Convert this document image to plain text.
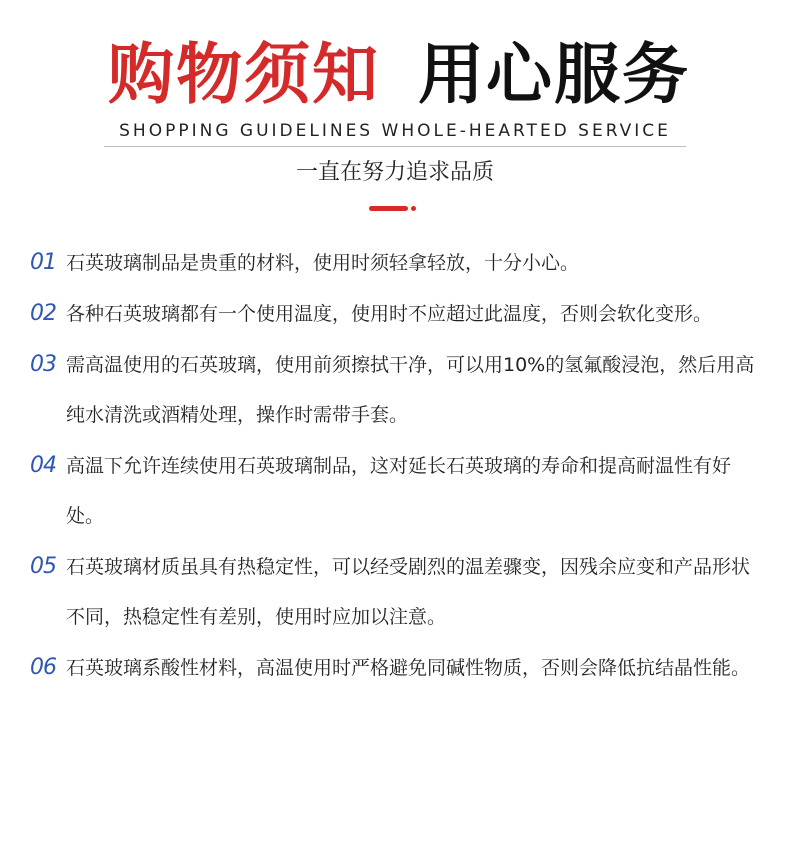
购物须知 用心服务
SHOPPING GUIDELINES WHOLE-HEARTED SERVICE
一直在努力追求品质
01 石英玻璃制品是贵重的材料，使用时须轻拿轻放，十分小心。
02 各种石英玻璃都有一个使用温度，使用时不应超过此温度，否则会软化变形。
03 需高温使用的石英玻璃，使用前须擦拭干净，可以用10%的氢氟酸浸泡，然后用高纯水清洗或酒精处理，操作时需带手套。
04 高温下允许连续使用石英玻璃制品，这对延长石英玻璃的寿命和提高耐温性有好处。
05 石英玻璃材质虽具有热稳定性，可以经受剧烈的温差骤变，因残余应变和产品形状不同，热稳定性有差别，使用时应加以注意。
06 石英玻璃系酸性材料，高温使用时严格避免同碱性物质，否则会降低抗结晶性能。
